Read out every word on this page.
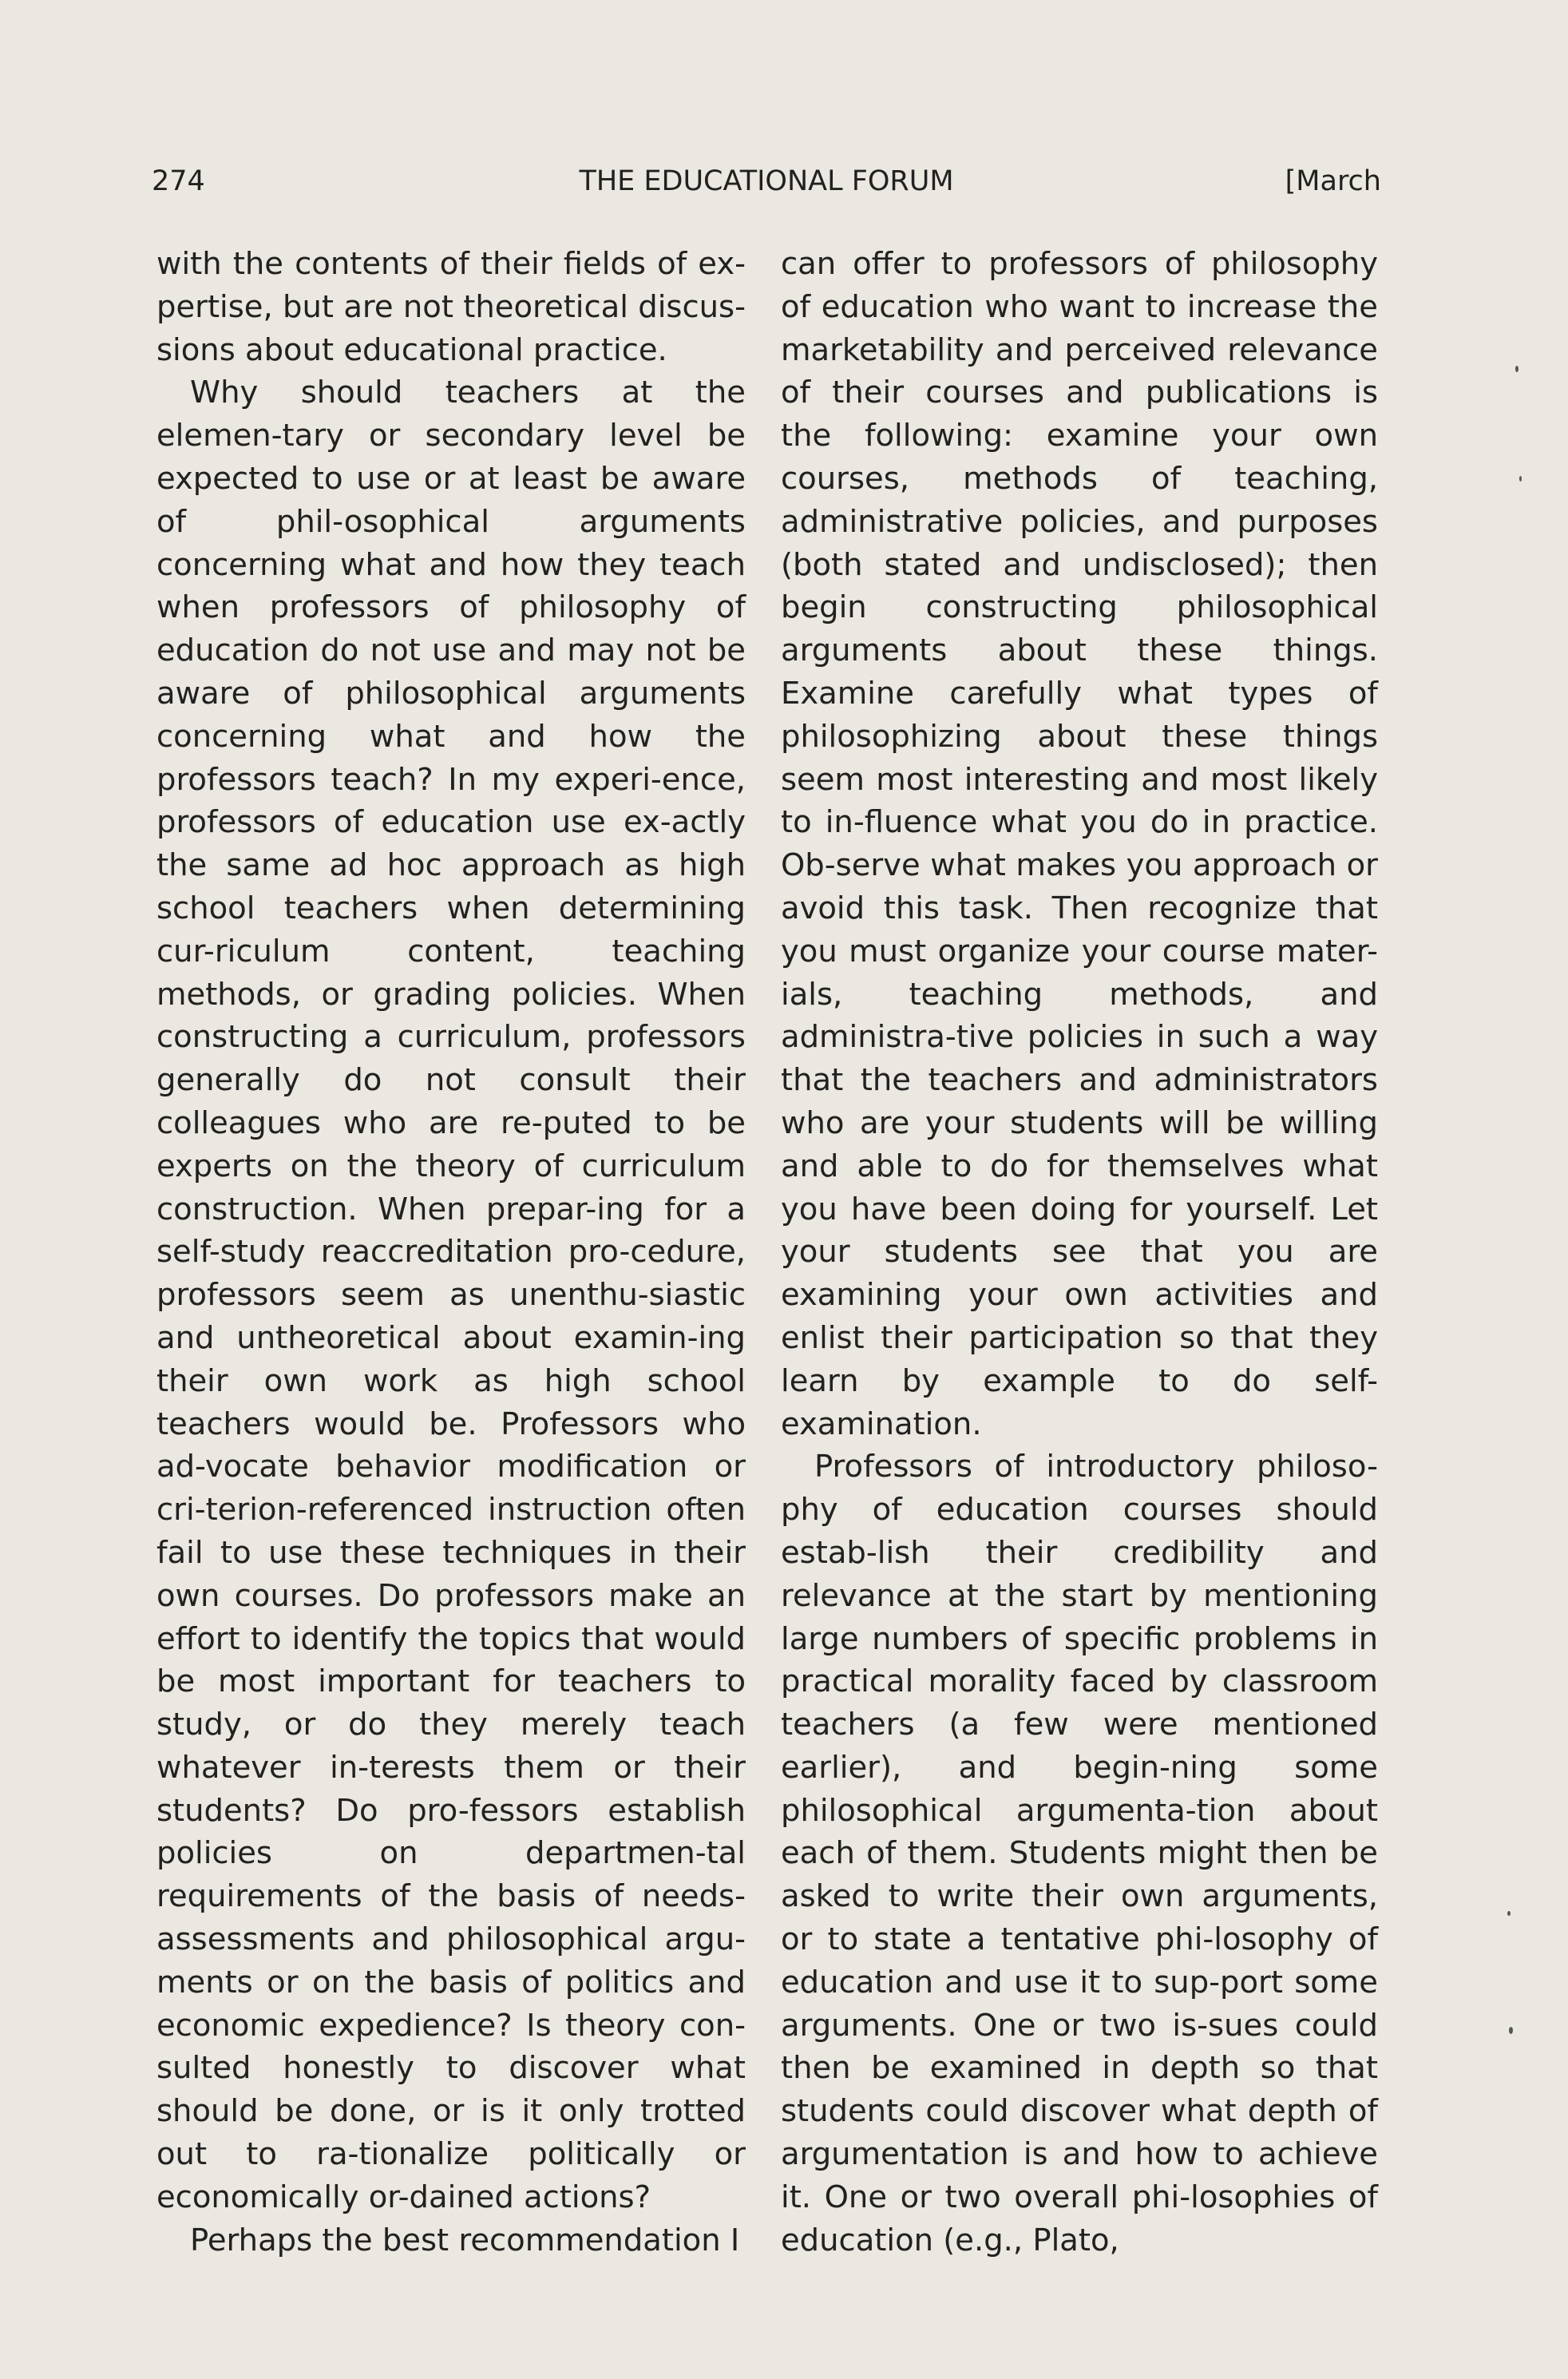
274	THE EDUCATIONAL FORUM	[March

with the contents of their fields of ex-pertise, but are not theoretical discus-sions about educational practice.

Why should teachers at the elemen-tary or secondary level be expected to use or at least be aware of phil-osophical arguments concerning what and how they teach when professors of philosophy of education do not use and may not be aware of philosophical arguments concerning what and how the professors teach? In my experi-ence, professors of education use ex-actly the same ad hoc approach as high school teachers when determining cur-riculum content, teaching methods, or grading policies. When constructing a curriculum, professors generally do not consult their colleagues who are re-puted to be experts on the theory of curriculum construction. When prepar-ing for a self-study reaccreditation pro-cedure, professors seem as unenthu-siastic and untheoretical about examin-ing their own work as high school teachers would be. Professors who ad-vocate behavior modification or cri-terion-referenced instruction often fail to use these techniques in their own courses. Do professors make an effort to identify the topics that would be most important for teachers to study, or do they merely teach whatever in-terests them or their students? Do pro-fessors establish policies on departmen-tal requirements of the basis of needs-assessments and philosophical argu-ments or on the basis of politics and economic expedience? Is theory con-sulted honestly to discover what should be done, or is it only trotted out to ra-tionalize politically or economically or-dained actions?

Perhaps the best recommendation I

can offer to professors of philosophy of education who want to increase the marketability and perceived relevance of their courses and publications is the following: examine your own courses, methods of teaching, administrative policies, and purposes (both stated and undisclosed); then begin constructing philosophical arguments about these things. Examine carefully what types of philosophizing about these things seem most interesting and most likely to in-fluence what you do in practice. Ob-serve what makes you approach or avoid this task. Then recognize that you must organize your course mater-ials, teaching methods, and administra-tive policies in such a way that the teachers and administrators who are your students will be willing and able to do for themselves what you have been doing for yourself. Let your students see that you are examining your own activities and enlist their participation so that they learn by example to do self-examination.

Professors of introductory philoso-phy of education courses should estab-lish their credibility and relevance at the start by mentioning large numbers of specific problems in practical morality faced by classroom teachers (a few were mentioned earlier), and begin-ning some philosophical argumenta-tion about each of them. Students might then be asked to write their own arguments, or to state a tentative phi-losophy of education and use it to sup-port some arguments. One or two is-sues could then be examined in depth so that students could discover what depth of argumentation is and how to achieve it. One or two overall phi-losophies of education (e.g., Plato,
